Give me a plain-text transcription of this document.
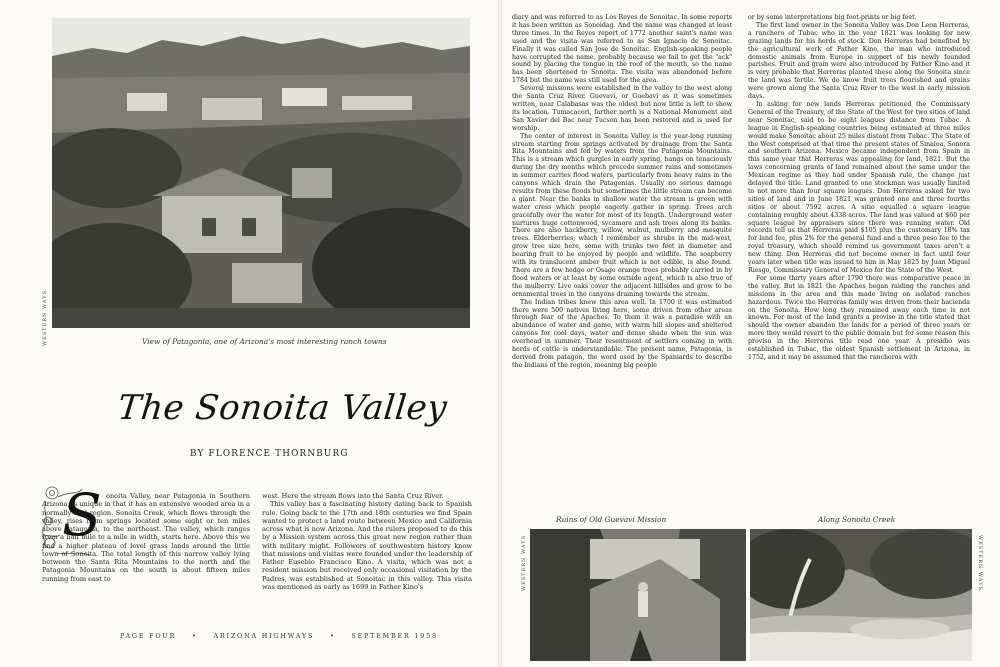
WESTERN WAYS	View of Patagonia, one of Arizona's most interesting ranch towns
The Sonoita Valley
BY FLORENCE THORNBURG
S onoita Valley, near Patagonia in Southern Arizona, is unique in that it has an extensive wooded area in a normally arid region. Sonoita Creek, which flows through the valley, rises from springs located some eight or ten miles above Patagonia, to the northeast. The valley, which ranges from a half mile to a mile in width, starts here. Above this we find a higher plateau of level grass lands around the little town of Sonoita. The total length of this narrow valley lying between the Santa Rita Mountains to the north and the Patagonia Mountains on the south is about fifteen miles running from east to

west. Here the stream flows into the Santa Cruz River.

This valley has a fascinating history dating back to Spanish rule. Going back to the 17th and 18th centuries we find Spain wanted to protect a land route between Mexico and California across what is now Arizona. And the rulers proposed to do this by a Mission system across this great new region rather than with military might. Followers of southwestern history know that missions and visitas were founded under the leadership of Father Eusebio Francisco Kino. A visita, which was not a resident mission but received only occasional visitation by the Padres, was established at Sonoitac in this valley. This visita was mentioned as early as 1699 in Father Kino's

PAGE FOUR • ARIZONA HIGHWAYS • SEPTEMBER 1958

diary and was referred to as Los Reyes de Sonoitac. In some reports it has been written as Sonoidag. And the name was changed at least three times. In the Reyes report of 1772 another saint's name was used and the visita was referred to as San Ignacio de Sonoitac. Finally it was called San Jose de Sonoitac. English-speaking people have corrupted the name, probably because we fail to get the "ack" sound by placing the tongue in the roof of the mouth, so the name has been shortened to Sonoita. The visita was abandoned before 1784 but the name was still used for the area.

Several missions were established in the valley to the west along the Santa Cruz River. Guevavi, or Guebavi as it was sometimes written, near Calabasas was the oldest but now little is left to show its location. Tumacacori, farther north is a National Monument and San Xavier del Bac near Tucson has been restored and is used for worship.

The center of interest in Sonoita Valley is the year-long running stream starting from springs activated by drainage from the Santa Rita Mountains and fed by waters from the Patagonia Mountains. This is a stream which gurgles in early spring, hangs on tenaciously during the dry months which precede summer rains and sometimes in summer carries flood waters, particularly from heavy rains in the canyons which drain the Patagonias. Usually no serious damage results from these floods but sometimes the little stream can become a giant. Near the banks in shallow water the stream is green with water cress which people eagerly gather in spring. Trees arch gracefully over the water for most of its length. Underground water nurtures huge cottonwood, sycamore and ash trees along its banks. There are also hackberry, willow, walnut, mulberry and mesquite trees. Elderberries, which I remember as shrubs in the mid-west, grow tree size here, some with trunks two feet in diameter and bearing fruit to be enjoyed by people and wildlife. The soapberry with its translucent amber fruit which is not edible, is also found. There are a few hedge or Osage orange trees probably carried in by flood waters or at least by some outside agent, which is also true of the mulberry. Live oaks cover the adjacent hillsides and grow to be ornamental trees in the canyons draining towards the stream.

The Indian tribes knew this area well. In 1700 it was estimated there were 500 natives living here, some driven from other areas through fear of the Apaches. To them it was a paradise with an abundance of water and game, with warm hill slopes and sheltered canyons for cool days, water and dense shade when the sun was overhead in summer. Their resentment of settlers coming in with herds of cattle is understandable. The present name, Patagonia, is derived from patagon, the word used by the Spaniards to describe the Indians of the region, meaning big people

or by some interpretations big foot-prints or big feet.

The first land owner in the Sonoita Valley was Don Leon Herreras, a ranchero of Tubac who in the year 1821 was looking for new grazing lands for his herds of stock. Don Herreras had benefited by the agricultural work of Father Kino, the man who introduced domestic animals from Europe in support of his newly founded parishes. Fruit and grain were also introduced by Father Kino and it is very probable that Herreras planted these along the Sonoita since the land was fertile. We do know fruit trees flourished and grains were grown along the Santa Cruz River to the west in early mission days.

In asking for new lands Herreras petitioned the Commissary General of the Treasury, of the State of the West for two sitios of land near Sonoitac, said to be eight leagues distance from Tubac. A league in English-speaking countries being estimated at three miles would make Sonoitac about 25 miles distant from Tubac. The State of the West comprised at that time the present states of Sinaloa, Sonora and southern Arizona. Mexico became independent from Spain in this same year that Herreras was appealing for land, 1821. But the laws concerning grants of land remained about the same under the Mexican regime as they had under Spanish rule, the change just delayed the title. Land granted to one stockman was usually limited to not more than four square leagues. Don Herreras asked for two sitios of land and in June 1821 was granted one and three fourths sitios or about 7592 acres. A sitio equalled a square league containing roughly about 4338 acres. The land was valued at $60 per square league by appraisers since there was running water. Old records tell us that Herreras paid $105 plus the customary 18% tax for land fee, plus 2% for the general fund and a three peso fee to the royal treasury, which should remind us government taxes aren't a new thing. Don Herreras did not become owner in fact until four years later when title was issued to him in May 1825 by Juan Miguel Riesgo, Commissary General of Mexico for the State of the West.

For some thirty years after 1790 there was comparative peace in the valley. But in 1821 the Apaches began raiding the ranches and missions in the area and this made living on isolated ranches hazardous. Twice the Herreras family was driven from their hacienda on the Sonoita. How long they remained away each time is not known. For most of the land grants a proviso in the title stated that should the owner abandon the lands for a period of three years or more they would revert to the public domain but for some reason this proviso in the Herreras title read one year. A presidio was established in Tubac, the oldest Spanish settlement in Arizona, in 1752, and it may be assumed that the rancheros with

Ruins of Old Guevavi Mission	Along Sonoita Creek
WESTERN WAYS	WESTERN WAYS
